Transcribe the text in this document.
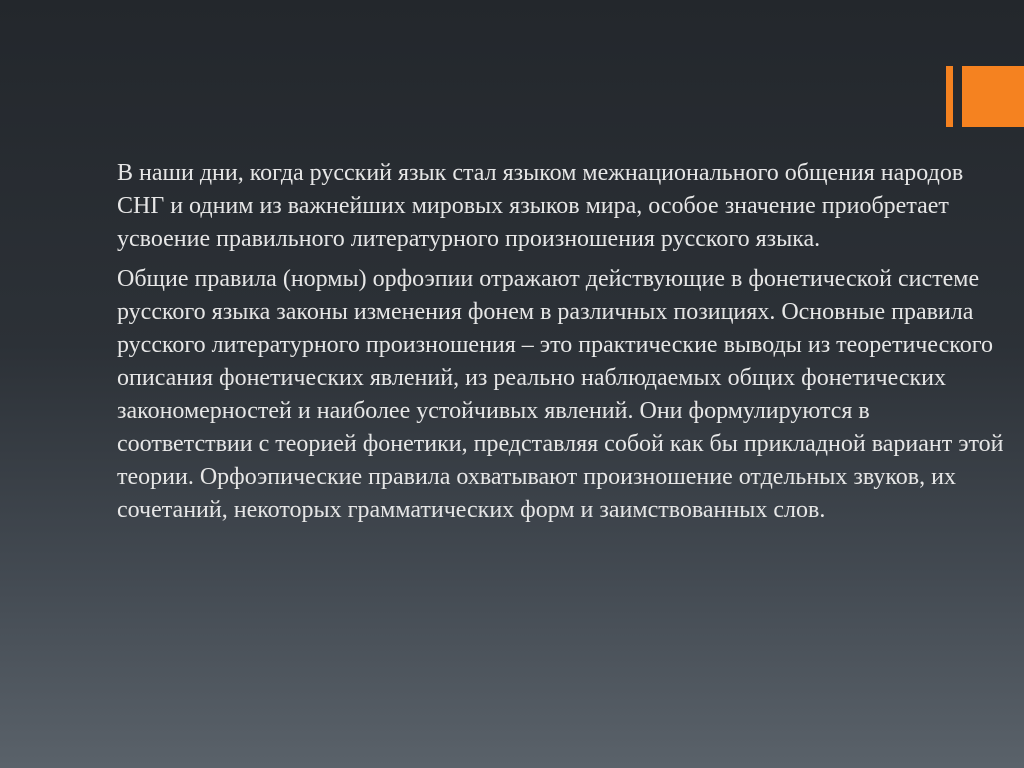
В наши дни, когда русский язык стал языком межнационального общения народов СНГ и одним из важнейших мировых языков мира, особое значение приобретает усвоение правильного литературного произношения русского языка.

Общие правила (нормы) орфоэпии отражают действующие в фонетической системе русского языка законы изменения фонем в различных позициях. Основные правила русского литературного произношения – это практические выводы из теоретического описания фонетических явлений, из реально наблюдаемых общих фонетических закономерностей и наиболее устойчивых явлений. Они формулируются в соответствии с теорией фонетики, представляя собой как бы прикладной вариант этой теории. Орфоэпические правила охватывают произношение отдельных звуков, их сочетаний, некоторых грамматических форм и заимствованных слов.
